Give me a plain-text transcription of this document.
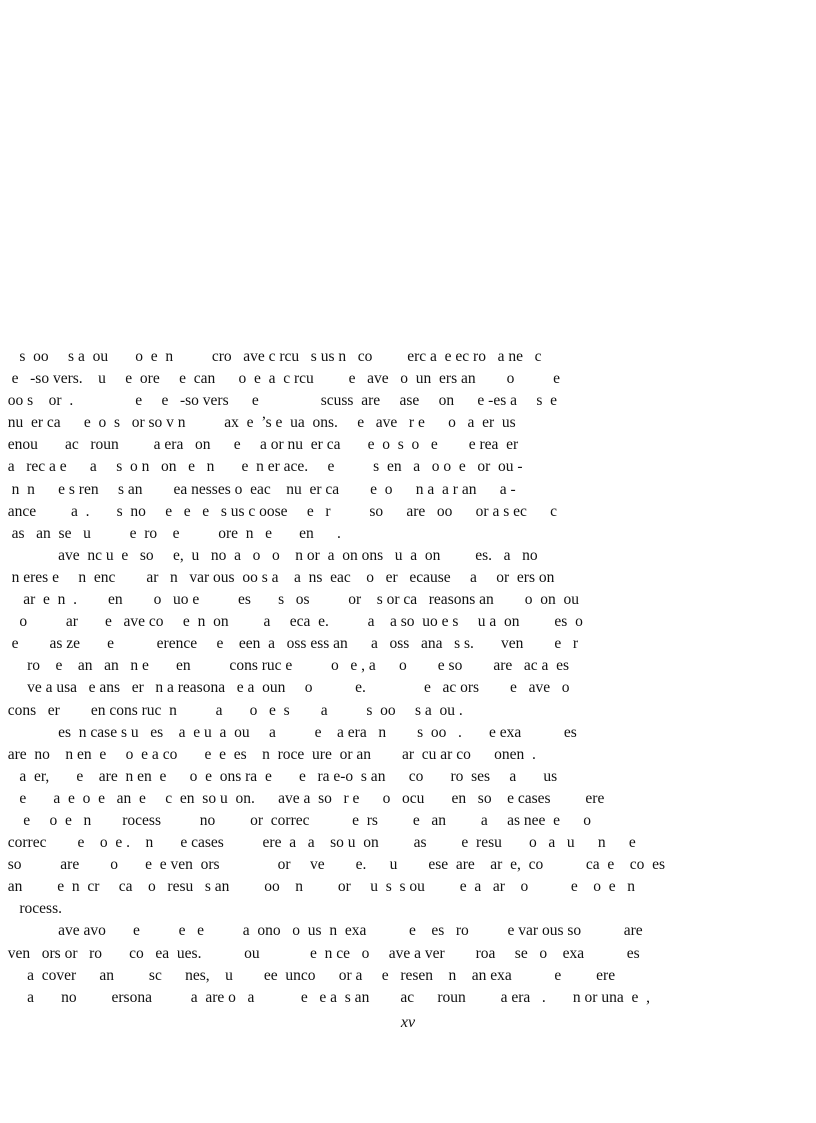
s  oo     s a  ou       o  e  n          cro   ave c rcu   s us n   co         erc a  e ec ro   a ne   c
e   -so vers.    u     e  ore     e  can      o  e  a  c rcu         e   ave   o  un  ers an        o          e
oo s    or  .                e     e   -so vers      e                scuss  are     ase     on      e -es a     s  e
nu  er ca      e  o  s   or so v n          ax  e  ’s e  ua  ons.     e   ave   r e      o   a  er  us
enou       ac   roun         a era   on      e     a or nu  er ca       e  o  s  o   e        e rea  er
a   rec a e      a     s  o n   on   e   n       e  n er ace.     e          s  en   a   o o  e   or  ou -
n  n      e s ren     s an        ea nesses o  eac    nu  er ca        e  o      n a  a r an      a -
ance         a  .       s  no     e   e   e   s us c oose     e   r          so      are   oo      or a s ec      c
as   an  se   u          e  ro    e          ore  n   e       en      .
ave  nc u  e   so     e,  u   no  a   o   o    n or  a  on ons   u  a  on         es.   a   no
n eres e     n  enc        ar   n   var ous  oo s a    a  ns  eac    o   er   ecause     a     or  ers on
ar  e  n  .        en        o   uo e          es       s   os          or    s or ca   reasons an        o  on  ou
o          ar       e   ave co     e  n  on         a     eca  e.          a    a so  uo e s     u a  on         es  o
e        as ze       e           erence     e    een  a   oss ess an      a   oss   ana   s s.       ven        e   r
ro    e    an   an   n e       en          cons ruc e          o   e , a      o        e so        are   ac a  es
ve a usa   e ans   er   n a reasona   e a  oun     o           e.               e   ac ors        e   ave   o
cons   er        en cons ruc  n          a       o   e  s        a          s  oo     s a  ou .
es  n case s u   es    a  e u  a  ou     a          e    a era   n        s  oo   .       e exa           es
are  no    n en  e     o  e a co       e  e  es    n  roce  ure  or an        ar  cu ar co      onen  .
a  er,       e    are  n en  e      o  e  ons ra  e       e   ra e-o  s an      co       ro  ses     a       us
e       a  e  o  e   an  e     c  en  so u  on.      ave a  so   r e      o   ocu       en   so    e cases         ere
e     o  e   n        rocess          no         or  correc           e  rs         e   an         a     as nee  e      o
correc        e    o  e .    n       e cases          ere  a   a    so u  on         as         e  resu       o   a   u      n      e
so          are        o       e  e ven  ors               or     ve        e.      u        ese  are    ar  e,  co           ca  e    co  es
an         e  n  cr     ca    o   resu   s an         oo    n         or     u  s  s ou         e  a   ar    o           e    o  e   n
rocess.
ave avo       e          e   e          a  ono   o  us  n  exa           e    es   ro          e var ous so           are
ven   ors or   ro       co   ea  ues.           ou             e  n ce   o     ave a ver        roa     se   o    exa           es
a  cover      an         sc      nes,    u        ee  unco      or a     e   resen    n    an exa           e         ere
a       no         ersona          a  are o   a            e   e a  s an        ac      roun         a era   .       n or una  e  ,
xv
